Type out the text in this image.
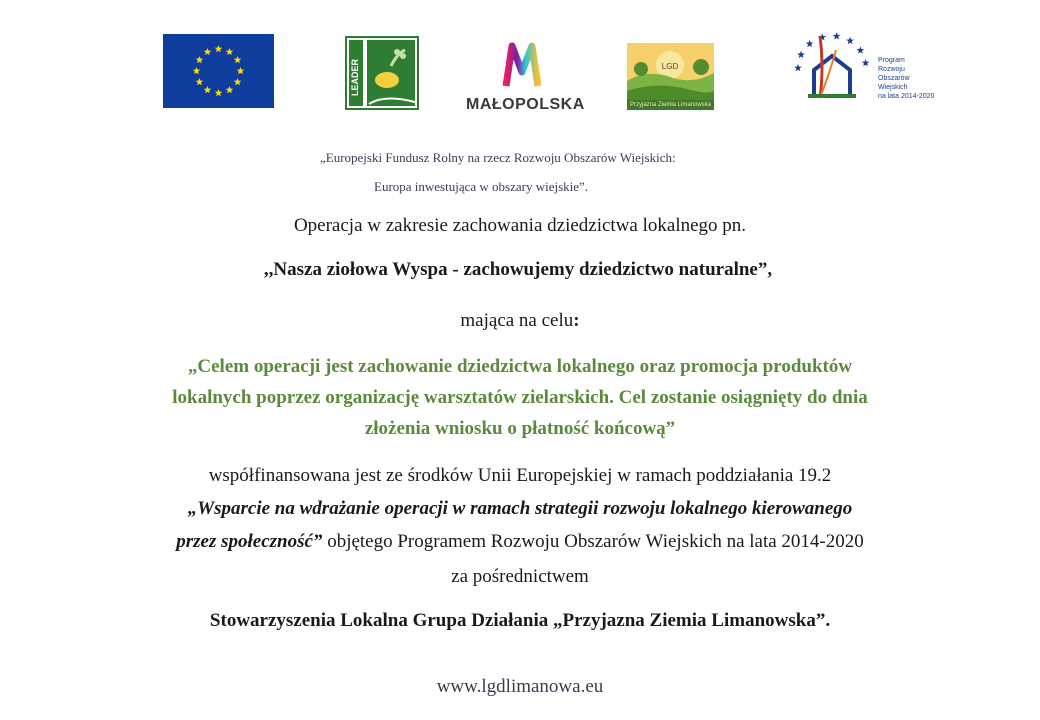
LEADER
MAŁOPOLSKA
LGD
Przyjazna Ziemia Limanowska
Program
Rozwoju
Obszarów
Wiejskich
na lata 2014-2020
„Europejski Fundusz Rolny na rzecz Rozwoju Obszarów Wiejskich:
Europa inwestująca w obszary wiejskie”.
Operacja w zakresie zachowania dziedzictwa lokalnego pn.
,,Nasza ziołowa Wyspa - zachowujemy dziedzictwo naturalne”,
mająca na celu:
„Celem operacji jest zachowanie dziedzictwa lokalnego oraz promocja produktów
lokalnych poprzez organizację warsztatów zielarskich. Cel zostanie osiągnięty do dnia
złożenia wniosku o płatność końcową”
współfinansowana jest ze środków Unii Europejskiej w ramach poddziałania 19.2
„Wsparcie na wdrażanie operacji w ramach strategii rozwoju lokalnego kierowanego
przez społeczność” objętego Programem Rozwoju Obszarów Wiejskich na lata 2014-2020
za pośrednictwem
Stowarzyszenia Lokalna Grupa Działania „Przyjazna Ziemia Limanowska”.
www.lgdlimanowa.eu
